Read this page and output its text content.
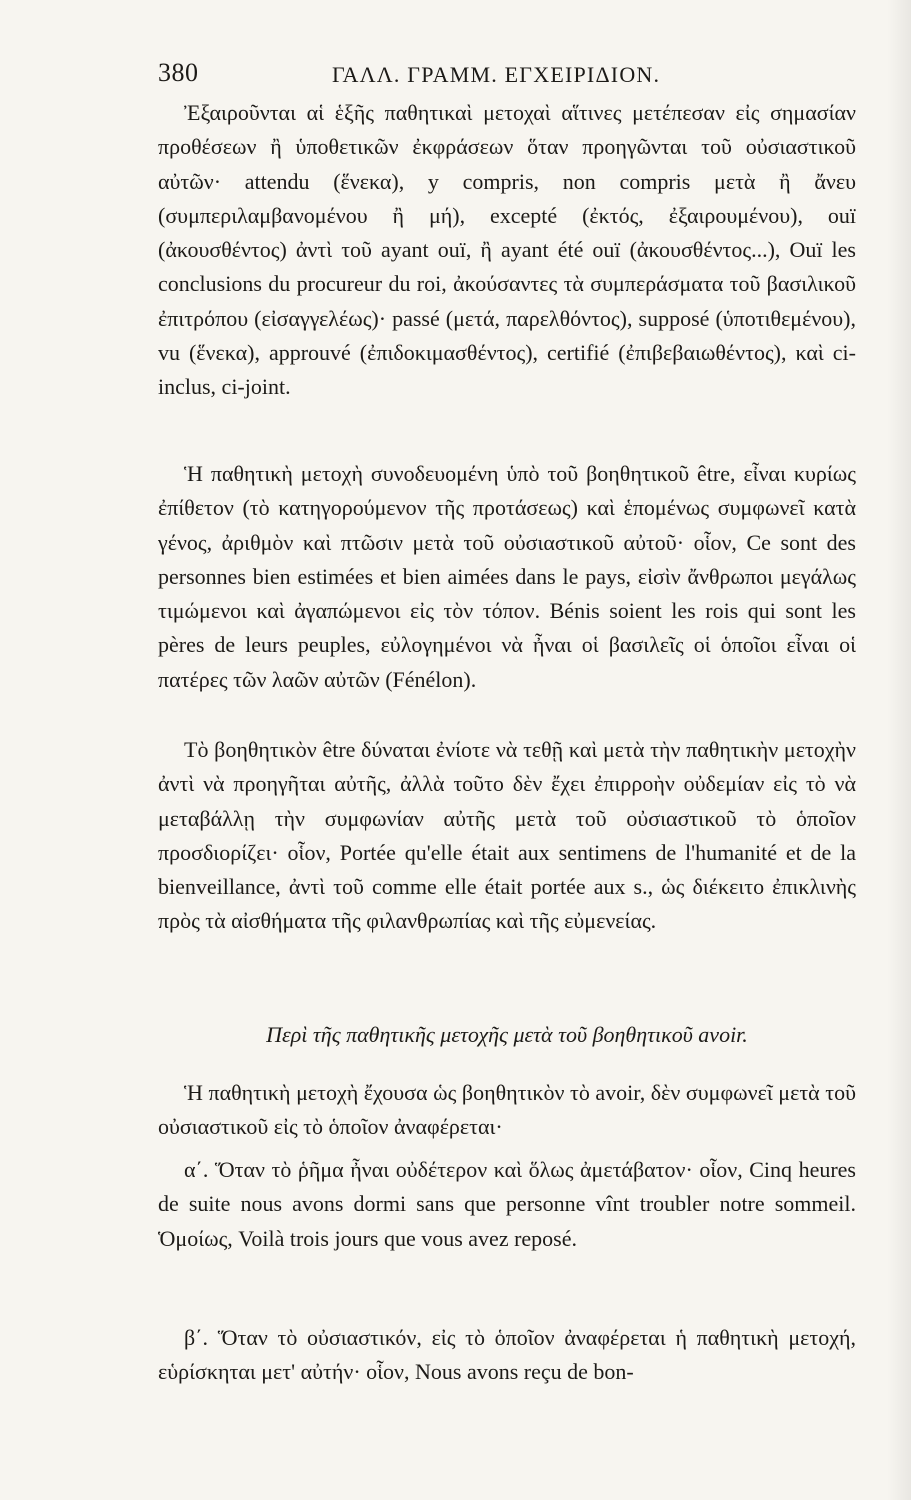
380	ΓΑΛΛ. ΓΡΑΜΜ. ΕΓΧΕΙΡΙΔΙΟΝ.
Ἐξαιροῦνται αἱ ἑξῆς παθητικαὶ μετοχαὶ αἵτινες μετέπεσαν εἰς σημασίαν προθέσεων ἢ ὑποθετικῶν ἐκφράσεων ὅταν προηγῶνται τοῦ οὐσιαστικοῦ αὐτῶν· attendu (ἕνεκα), y compris, non compris μετὰ ἢ ἄνευ (συμπεριλαμβανομένου ἢ μή), excepté (ἐκτός, ἐξαιρουμένου), ouï (ἀκουσθέντος) ἀντὶ τοῦ ayant ouï, ἢ ayant été ouï (ἀκουσθέντος...), Ouï les conclusions du procureur du roi, ἀκούσαντες τὰ συμπεράσματα τοῦ βασιλικοῦ ἐπιτρόπου (εἰσαγγελέως)· passé (μετά, παρελθόντος), supposé (ὑποτιθεμένου), vu (ἕνεκα), approuvé (ἐπιδοκιμασθέντος), certifié (ἐπιβεβαιωθέντος), καὶ ci-inclus, ci-joint.
Ἡ παθητικὴ μετοχὴ συνοδευομένη ὑπὸ τοῦ βοηθητικοῦ être, εἶναι κυρίως ἐπίθετον (τὸ κατηγορούμενον τῆς προτάσεως) καὶ ἑπομένως συμφωνεῖ κατὰ γένος, ἀριθμὸν καὶ πτῶσιν μετὰ τοῦ οὐσιαστικοῦ αὐτοῦ· οἷον, Ce sont des personnes bien estimées et bien aimées dans le pays, εἰσὶν ἄνθρωποι μεγάλως τιμώμενοι καὶ ἀγαπώμενοι εἰς τὸν τόπον. Bénis soient les rois qui sont les pères de leurs peuples, εὐλογημένοι νὰ ἦναι οἱ βασιλεῖς οἱ ὁποῖοι εἶναι οἱ πατέρες τῶν λαῶν αὐτῶν (Fénélon).
Τὸ βοηθητικὸν être δύναται ἐνίοτε νὰ τεθῇ καὶ μετὰ τὴν παθητικὴν μετοχὴν ἀντὶ νὰ προηγῆται αὐτῆς, ἀλλὰ τοῦτο δὲν ἔχει ἐπιρροὴν οὐδεμίαν εἰς τὸ νὰ μεταβάλλῃ τὴν συμφωνίαν αὐτῆς μετὰ τοῦ οὐσιαστικοῦ τὸ ὁποῖον προσδιορίζει· οἷον, Portée qu'elle était aux sentimens de l'humanité et de la bienveillance, ἀντὶ τοῦ comme elle était portée aux s., ὡς διέκειτο ἐπικλινὴς πρὸς τὰ αἰσθήματα τῆς φιλανθρωπίας καὶ τῆς εὐμενείας.
Περὶ τῆς παθητικῆς μετοχῆς μετὰ τοῦ βοηθητικοῦ avoir.
Ἡ παθητικὴ μετοχὴ ἔχουσα ὡς βοηθητικὸν τὸ avoir, δὲν συμφωνεῖ μετὰ τοῦ οὐσιαστικοῦ εἰς τὸ ὁποῖον ἀναφέρεται·
α΄. Ὅταν τὸ ῥῆμα ἦναι οὐδέτερον καὶ ὅλως ἀμετάβατον· οἷον, Cinq heures de suite nous avons dormi sans que personne vînt troubler notre sommeil. Ὁμοίως, Voilà trois jours que vous avez reposé.
β΄. Ὅταν τὸ οὐσιαστικόν, εἰς τὸ ὁποῖον ἀναφέρεται ἡ παθητικὴ μετοχή, εὑρίσκηται μετ' αὐτήν· οἷον, Nous avons reçu de bon-
